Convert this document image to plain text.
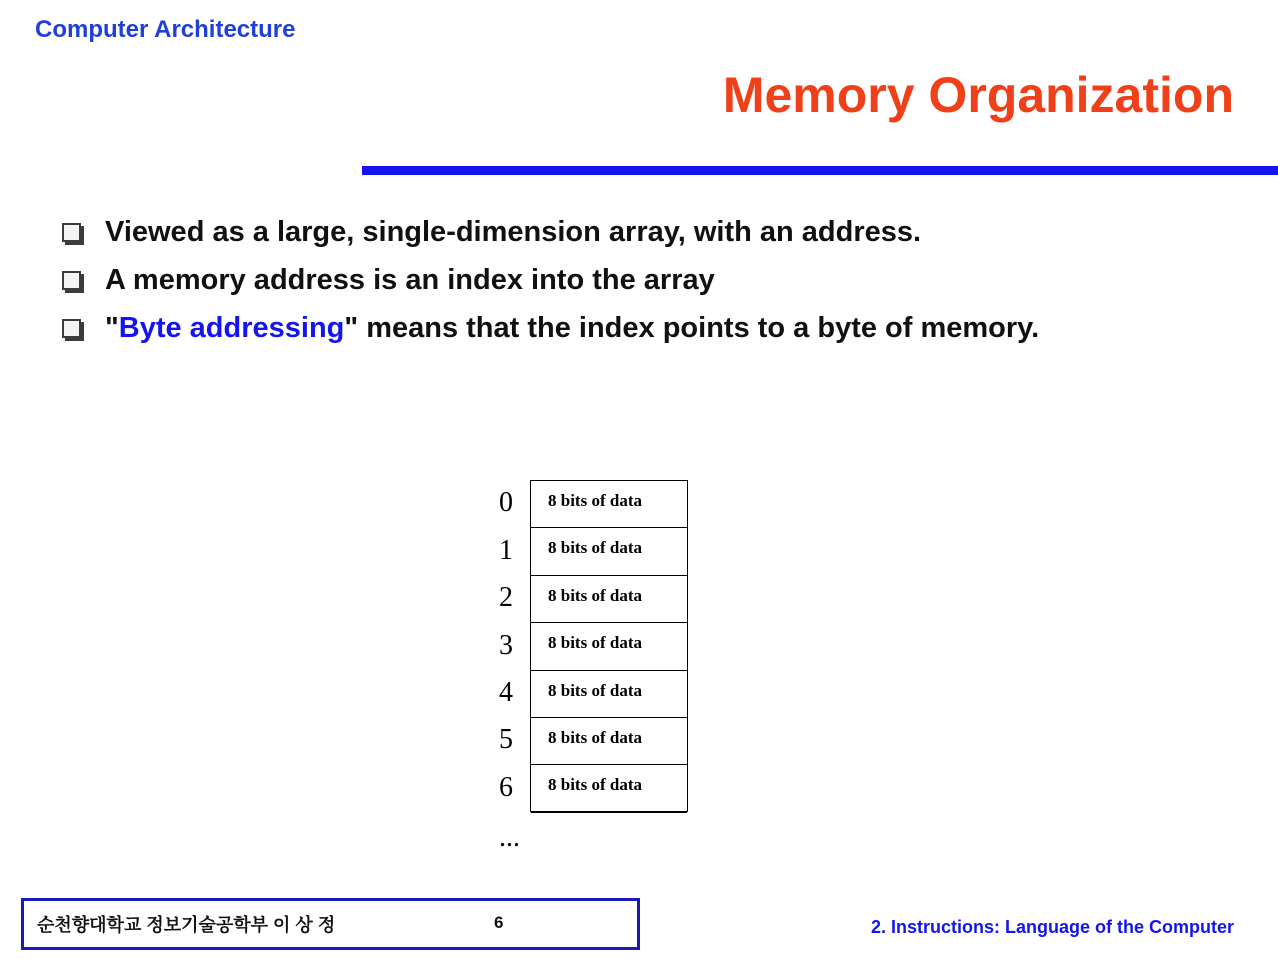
Computer Architecture
Memory Organization
Viewed as a large, single-dimension array, with an address.
A memory address is an index into the array
" Byte addressing " means that the index points to a byte of memory.
0
1
2
3
4
5
6
...
8 bits of data
8 bits of data
8 bits of data
8 bits of data
8 bits of data
8 bits of data
8 bits of data
순천향대학교 정보기술공학부 이 상 정	6	2. Instructions: Language of the Computer
